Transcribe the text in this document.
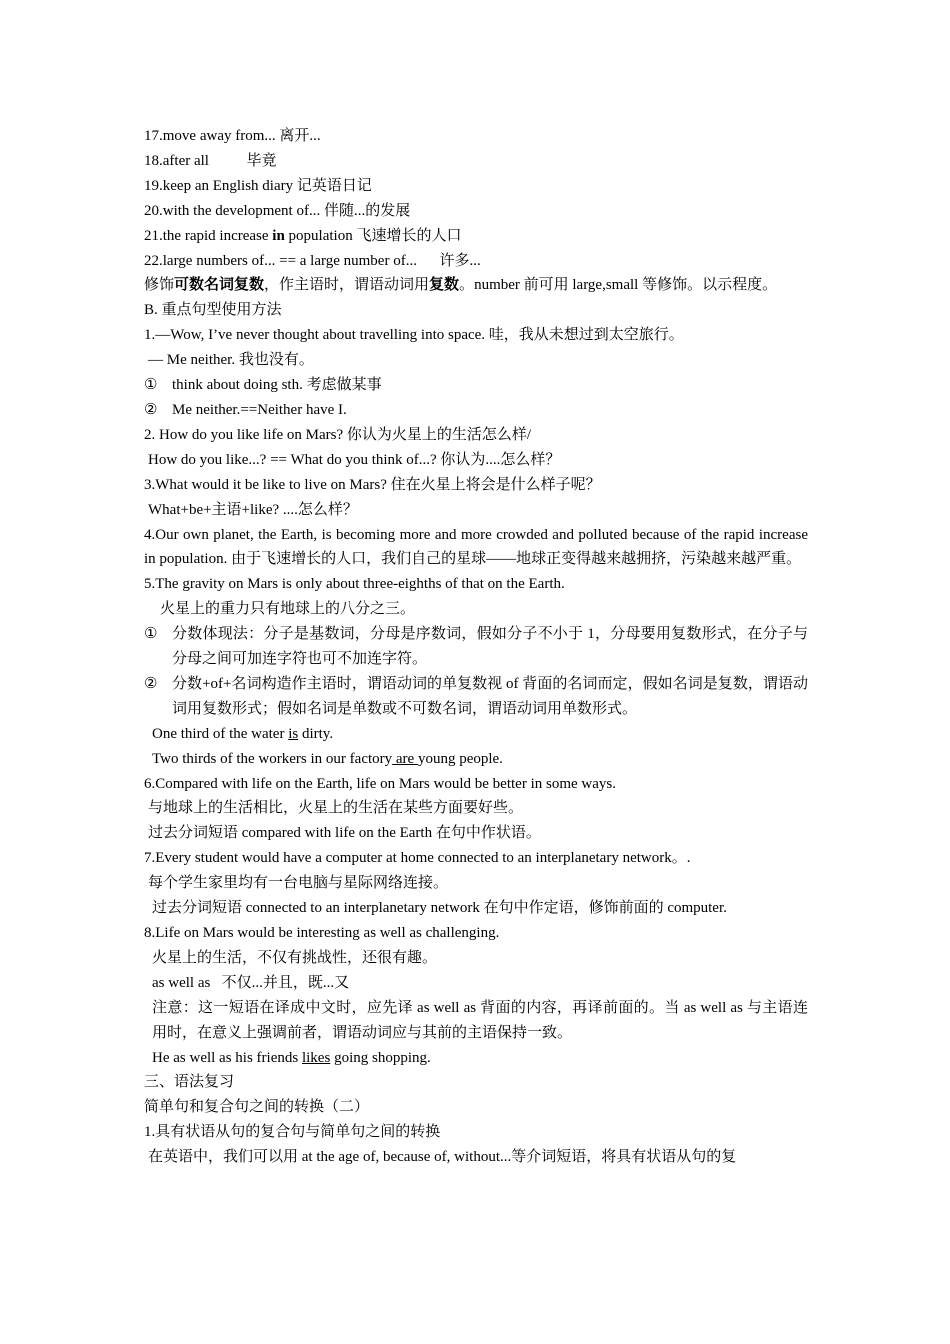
17.move away from... 离开...
18.after all          毕竟
19.keep an English diary 记英语日记
20.with the development of... 伴随...的发展
21.the rapid increase in population 飞速增长的人口
22.large numbers of... == a large number of...      许多...
修饰可数名词复数，作主语时，谓语动词用复数。number 前可用 large,small 等修饰。以示程度。
B. 重点句型使用方法
1.—Wow, I’ve never thought about travelling into space. 哇，我从未想过到太空旅行。
— Me neither. 我也没有。
① think about doing sth. 考虑做某事
② Me neither.==Neither have I.
2. How do you like life on Mars? 你认为火星上的生活怎么样/
How do you like...? == What do you think of...? 你认为....怎么样？
3.What would it be like to live on Mars? 住在火星上将会是什么样子呢？
What+be+主语+like? ....怎么样？
4.Our own planet, the Earth, is becoming more and more crowded and polluted because of the rapid increase in population. 由于飞速增长的人口，我们自己的星球——地球正变得越来越拥挤，污染越来越严重。
5.The gravity on Mars is only about three-eighths of that on the Earth.
火星上的重力只有地球上的八分之三。
① 分数体现法：分子是基数词，分母是序数词，假如分子不小于 1，分母要用复数形式，在分子与分母之间可加连字符也可不加连字符。
② 分数+of+名词构造作主语时，谓语动词的单复数视 of 背面的名词而定，假如名词是复数，谓语动词用复数形式；假如名词是单数或不可数名词，谓语动词用单数形式。
One third of the water is dirty.
Two thirds of the workers in our factory are young people.
6.Compared with life on the Earth, life on Mars would be better in some ways.
与地球上的生活相比，火星上的生活在某些方面要好些。
过去分词短语 compared with life on the Earth 在句中作状语。
7.Every student would have a computer at home connected to an interplanetary network。.
每个学生家里均有一台电脑与星际网络连接。
过去分词短语 connected to an interplanetary network 在句中作定语，修饰前面的 computer.
8.Life on Mars would be interesting as well as challenging.
火星上的生活，不仅有挑战性，还很有趣。
as well as   不仅...并且，既...又
注意：这一短语在译成中文时，应先译 as well as 背面的内容，再译前面的。当 as well as 与主语连用时，在意义上强调前者，谓语动词应与其前的主语保持一致。
He as well as his friends likes going shopping.
三、语法复习
简单句和复合句之间的转换（二）
1.具有状语从句的复合句与简单句之间的转换
在英语中，我们可以用 at the age of, because of, without...等介词短语，将具有状语从句的复
